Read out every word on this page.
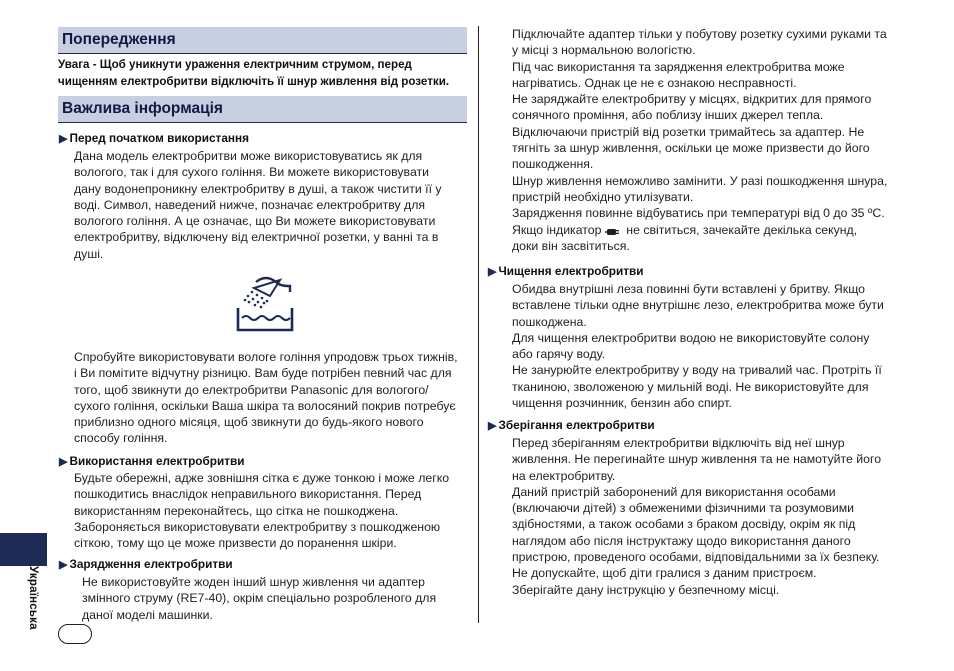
Попередження
Увага - Щоб уникнути ураження електричним струмом, перед
чищенням електробритви відключіть її шнур живлення від розетки.
Важлива інформація
▶ Перед початком використання
Дана модель електробритви може використовуватись як для
вологого, так і для сухого гоління. Ви можете використовувати
дану водонепроникну електробритву в душі, а також чистити її у
воді. Символ, наведений нижче, позначає електробритву для
вологого гоління. А це означає, що Ви можете використовувати
електробритву, відключену від електричної розетки, у ванні та в
душі.
Спробуйте використовувати вологе гоління упродовж трьох тижнів,
і Ви помітите відчутну різницю. Вам буде потрібен певний час для
того, щоб звикнути до електробритви Panasonic для вологого/
сухого гоління, оскільки Ваша шкіра та волосяний покрив потребує
приблизно одного місяця, щоб звикнути до будь-якого нового
способу гоління.
▶ Використання електробритви
Будьте обережні, адже зовнішня сітка є дуже тонкою і може легко
пошкодитись внаслідок неправильного використання. Перед
використанням переконайтесь, що сітка не пошкоджена.
Забороняється використовувати електробритву з пошкодженою
сіткою, тому що це може призвести до поранення шкіри.
▶ Зарядження електробритви
Не використовуйте жоден інший шнур живлення чи адаптер
змінного струму (RE7-40), окрім спеціально розробленого для
даної моделі машинки.
Українська
Підключайте адаптер тільки у побутову розетку сухими руками та
у місці з нормальною вологістю.
Під час використання та зарядження електробритва може
нагріватись. Однак це не є ознакою несправності.
Не заряджайте електробритву у місцях, відкритих для прямого
сонячного проміння, або поблизу інших джерел тепла.
Відключаючи пристрій від розетки тримайтесь за адаптер. Не
тягніть за шнур живлення, оскільки це може призвести до його
пошкодження.
Шнур живлення неможливо замінити. У разі пошкодження шнура,
пристрій необхідно утилізувати.
Зарядження повинне відбуватись при температурі від 0 до 35 ºC.
Якщо індикатор не світиться, зачекайте декілька секунд,
доки він засвітиться.
▶ Чищення електробритви
Обидва внутрішні леза повинні бути вставлені у бритву. Якщо
вставлене тільки одне внутрішнє лезо, електробритва може бути
пошкоджена.
Для чищення електробритви водою не використовуйте солону
або гарячу воду.
Не занурюйте електробритву у воду на тривалий час. Протріть її
тканиною, зволоженою у мильній воді. Не використовуйте для
чищення розчинник, бензин або спирт.
▶ Зберігання електробритви
Перед зберіганням електробритви відключіть від неї шнур
живлення. Не перегинайте шнур живлення та не намотуйте його
на електробритву.
Даний пристрій заборонений для використання особами
(включаючи дітей) з обмеженими фізичними та розумовими
здібностями, а також особами з браком досвіду, окрім як під
наглядом або після інструктажу щодо використання даного
пристрою, проведеного особами, відповідальними за їх безпеку.
Не допускайте, щоб діти гралися з даним пристроєм.
Зберігайте дану інструкцію у безпечному місці.
